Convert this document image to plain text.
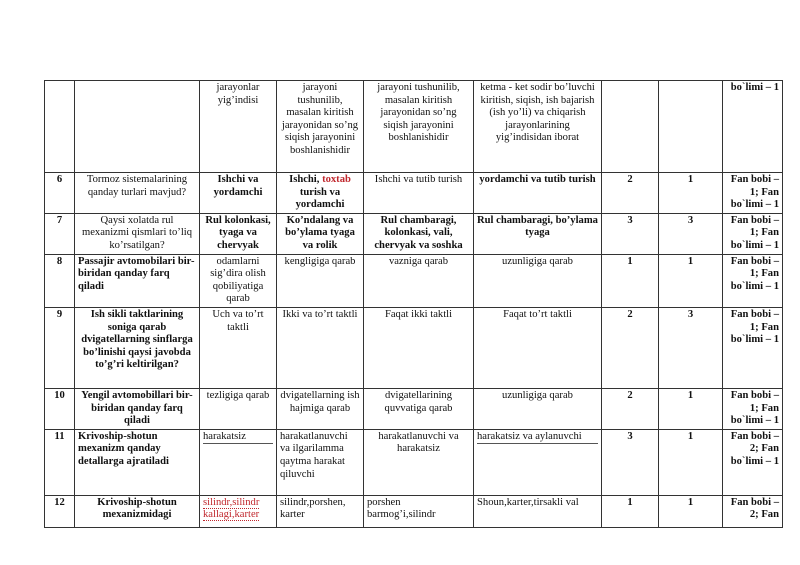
		jarayonlar yig’indisi	jarayoni tushunilib, masalan kiritish jarayonidan so’ng siqish jarayonini boshlanishidir	jarayoni tushunilib, masalan kiritish jarayonidan so’ng siqish jarayonini boshlanishidir	ketma - ket sodir bo’luvchi kiritish, siqish, ish bajarish (ish yo’li) va chiqarish jarayonlarining yig’indisidan iborat			bo`limi – 1
6	Tormoz sistemalarining qanday turlari mavjud?	Ishchi va yordamchi	Ishchi, toxtab turish va yordamchi	Ishchi va tutib turish	yordamchi va tutib turish	2	1	Fan bobi – 1; Fan bo`limi – 1
7	Qaysi xolatda rul mexanizmi qismlari to’liq ko’rsatilgan?	Rul kolonkasi, tyaga va chervyak	Ko’ndalang va bo’ylama tyaga va rolik	Rul chambaragi, kolonkasi, vali, chervyak va soshka	Rul chambaragi, bo’ylama tyaga	3	3	Fan bobi – 1; Fan bo`limi – 1
8	Passajir avtomobilari bir-biridan qanday farq qiladi	odamlarni sig’dira olish qobiliyatiga qarab	kengligiga qarab	vazniga qarab	uzunligiga qarab	1	1	Fan bobi – 1; Fan bo`limi – 1
9	Ish sikli taktlarining soniga qarab dvigatellarning sinflarga bo’linishi qaysi javobda to’g’ri keltirilgan?	Uch va to’rt taktli	Ikki va to’rt taktli	Faqat ikki taktli	Faqat to’rt taktli	2	3	Fan bobi – 1; Fan bo`limi – 1
10	Yengil avtomobillari bir-biridan qanday farq qiladi	tezligiga qarab	dvigatellarning ish hajmiga qarab	dvigatellarining quvvatiga qarab	uzunligiga qarab	2	1	Fan bobi – 1; Fan bo`limi – 1
11	Krivoship-shotun mexanizm qanday detallarga ajratiladi	harakatsiz	harakatlanuvchi va ilgarilamma qaytma harakat qiluvchi	harakatlanuvchi va harakatsiz	harakatsiz va aylanuvchi	3	1	Fan bobi – 2; Fan bo`limi – 1
12	Krivoship-shotun mexanizmidagi	silindr,silindr kallagi,karter	silindr,porshen, karter	porshen barmog’i,silindr	Shoun,karter,tirsakli val	1	1	Fan bobi – 2; Fan
